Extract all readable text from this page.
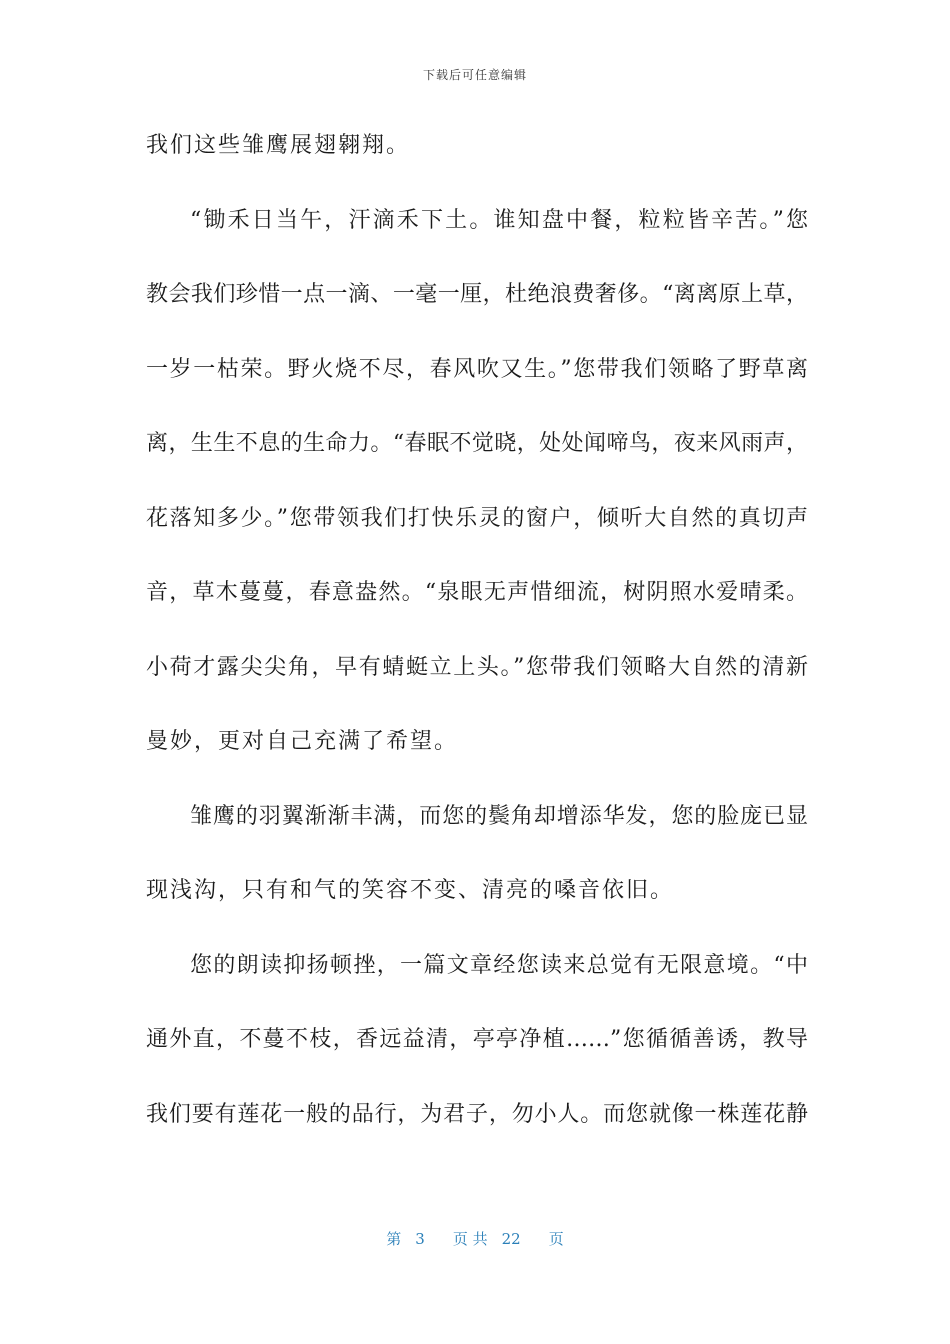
下载后可任意编辑
我们这些雏鹰展翅翱翔。
“锄禾日当午，汗滴禾下土。谁知盘中餐，粒粒皆辛苦。”您
教会我们珍惜一点一滴、一毫一厘，杜绝浪费奢侈。“离离原上草，
一岁一枯荣。野火烧不尽，春风吹又生。”您带我们领略了野草离
离，生生不息的生命力。“春眠不觉晓，处处闻啼鸟，夜来风雨声，
花落知多少。”您带领我们打快乐灵的窗户，倾听大自然的真切声
音，草木蔓蔓，春意盎然。“泉眼无声惜细流，树阴照水爱晴柔。
小荷才露尖尖角，早有蜻蜓立上头。”您带我们领略大自然的清新
曼妙，更对自己充满了希望。
雏鹰的羽翼渐渐丰满，而您的鬓角却增添华发，您的脸庞已显
现浅沟，只有和气的笑容不变、清亮的嗓音依旧。
您的朗读抑扬顿挫，一篇文章经您读来总觉有无限意境。“中
通外直，不蔓不枝，香远益清，亭亭净植……”您循循善诱，教导
我们要有莲花一般的品行，为君子，勿小人。而您就像一株莲花静
第 3 页 共 22 页
